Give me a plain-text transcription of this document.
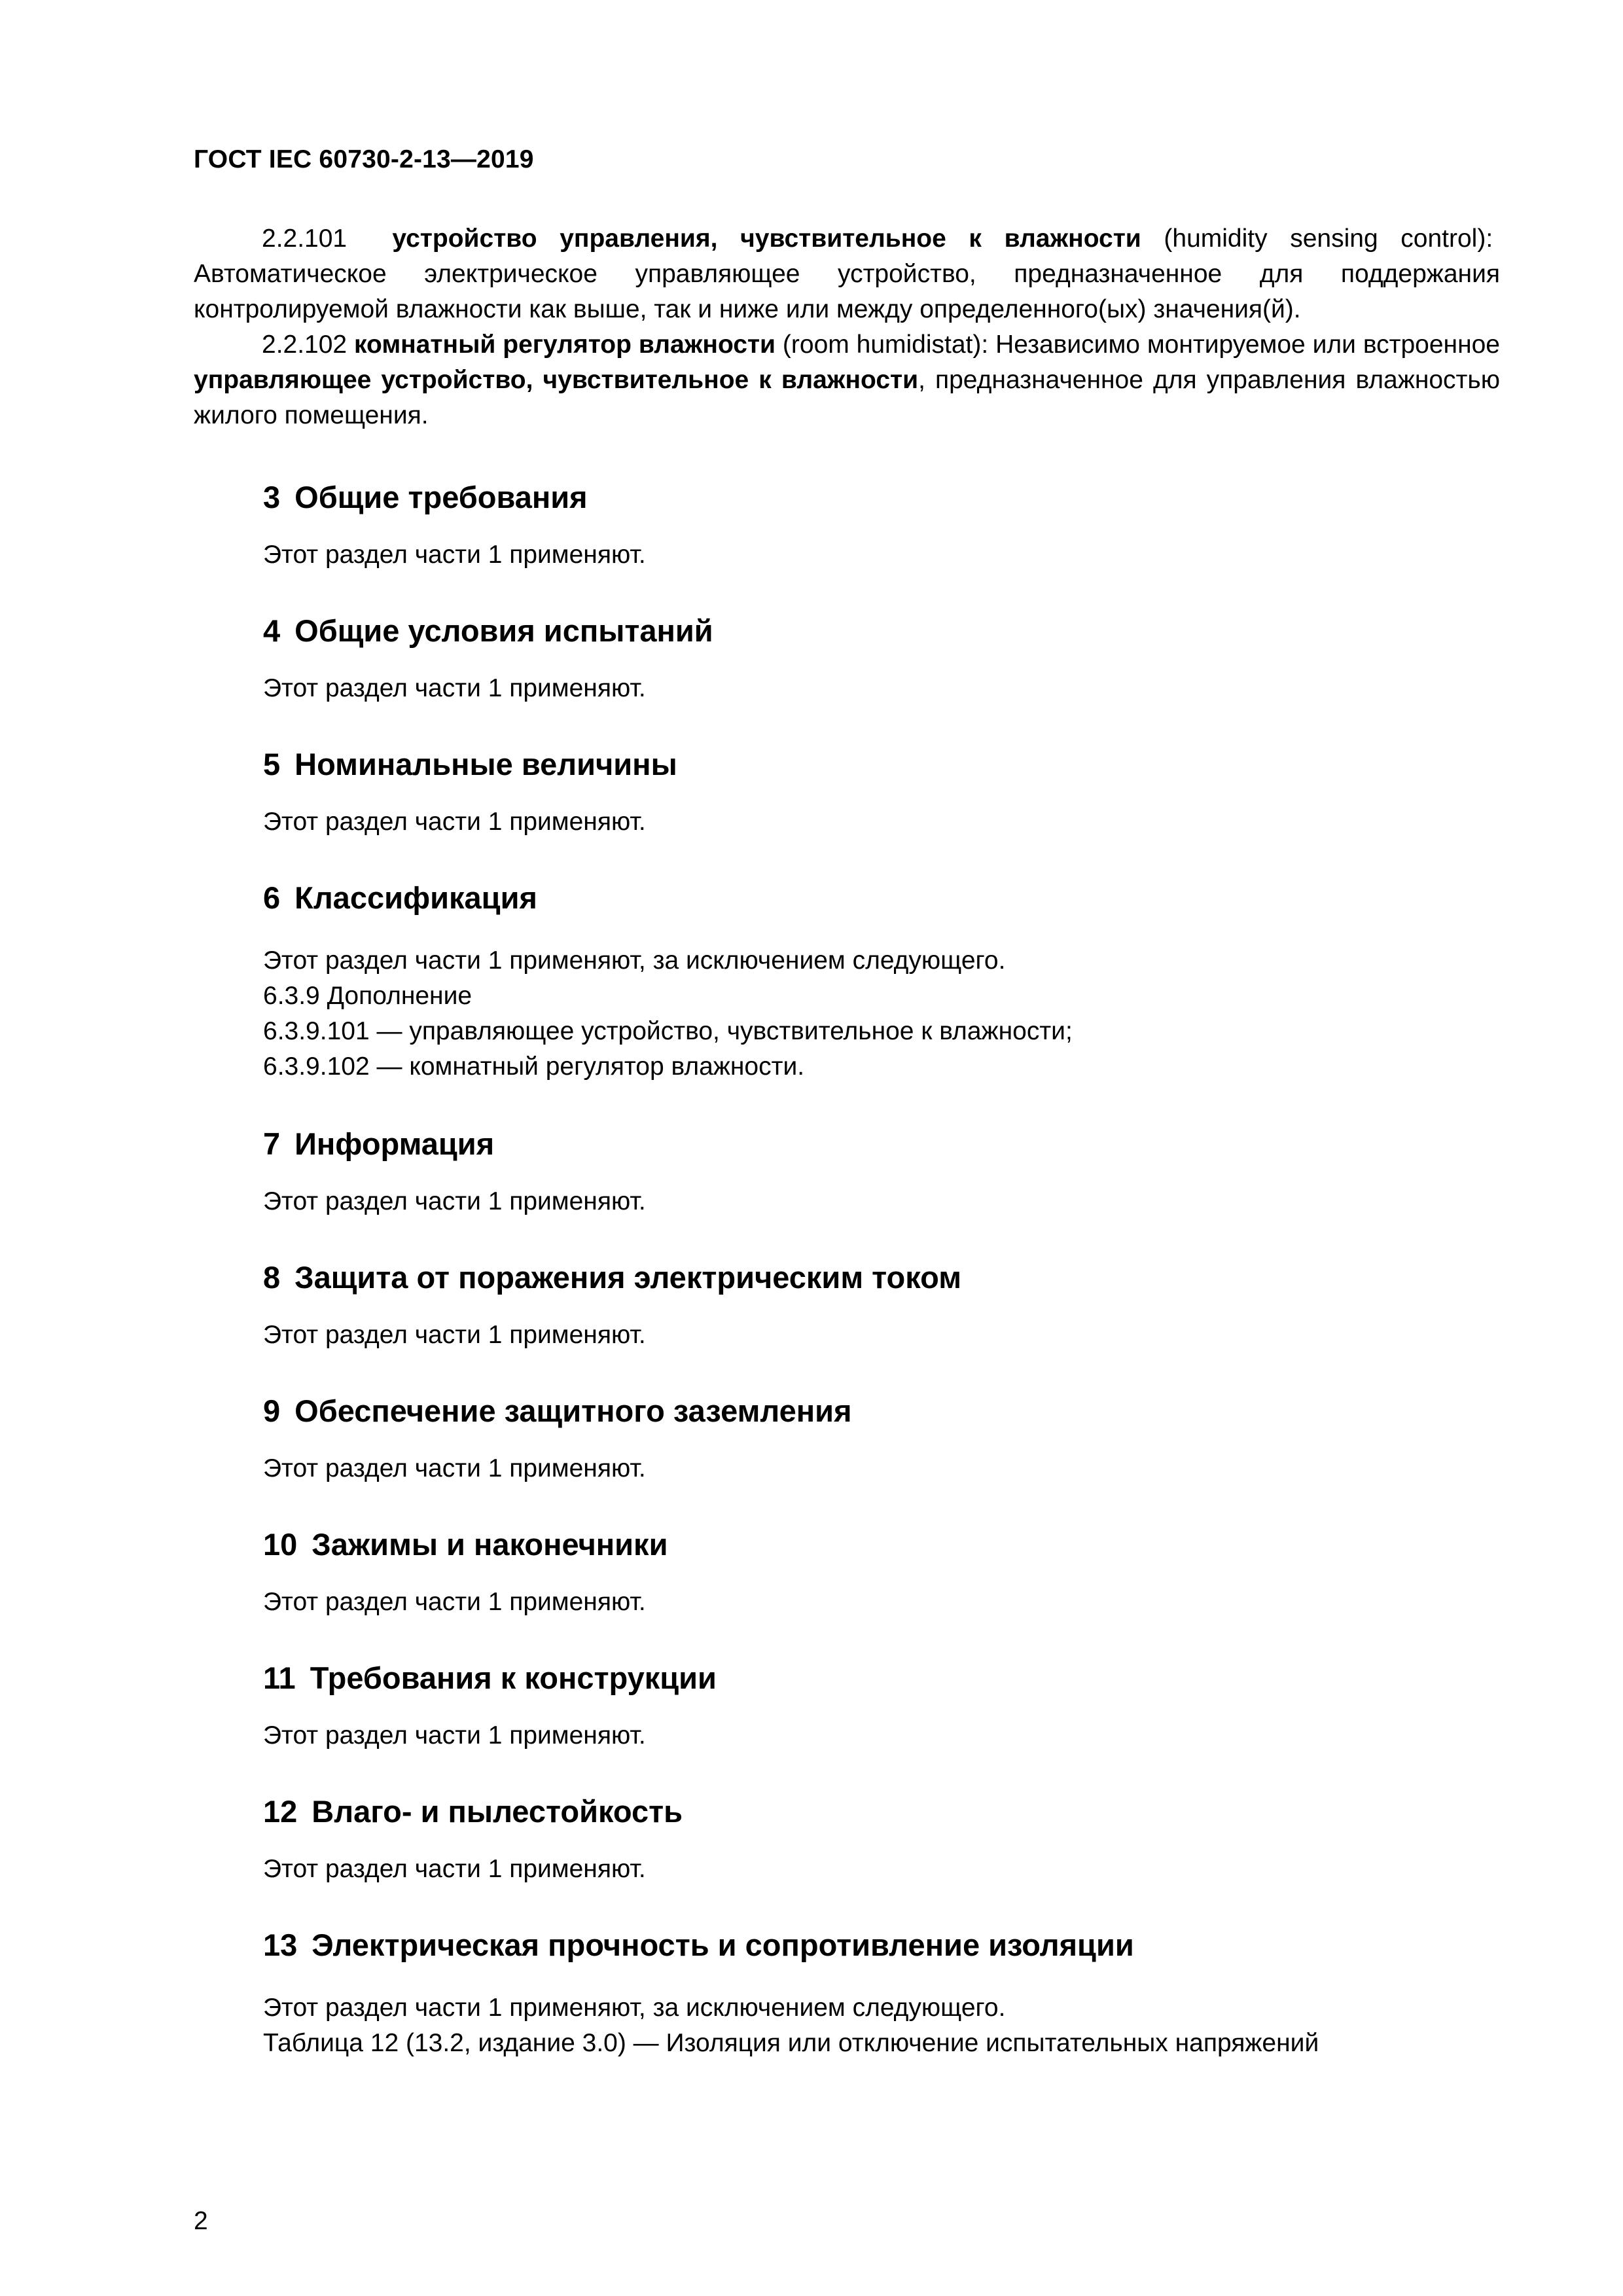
ГОСТ IEC 60730-2-13—2019

2.2.101 устройство управления, чувствительное к влажности (humidity sensing control):  Автоматическое электрическое управляющее устройство, предназначенное для поддержания контролируемой влажности как выше, так и ниже или между определенного(ых) значения(й).

2.2.102 комнатный регулятор влажности (room humidistat): Независимо монтируемое или встроенное управляющее устройство, чувствительное к влажности, предназначенное для управления влажностью жилого помещения.

3 Общие требования
Этот раздел части 1 применяют.
4 Общие условия испытаний
Этот раздел части 1 применяют.
5 Номинальные величины
Этот раздел части 1 применяют.
6 Классификация
Этот раздел части 1 применяют, за исключением следующего.
6.3.9 Дополнение
6.3.9.101 — управляющее устройство, чувствительное к влажности;
6.3.9.102 — комнатный регулятор влажности.
7 Информация
Этот раздел части 1 применяют.
8 Защита от поражения электрическим током
Этот раздел части 1 применяют.
9 Обеспечение защитного заземления
Этот раздел части 1 применяют.
10 Зажимы и наконечники
Этот раздел части 1 применяют.
11 Требования к конструкции
Этот раздел части 1 применяют.
12 Влаго- и пылестойкость
Этот раздел части 1 применяют.
13 Электрическая прочность и сопротивление изоляции
Этот раздел части 1 применяют, за исключением следующего.
Таблица 12 (13.2, издание 3.0) — Изоляция или отключение испытательных напряжений
2
